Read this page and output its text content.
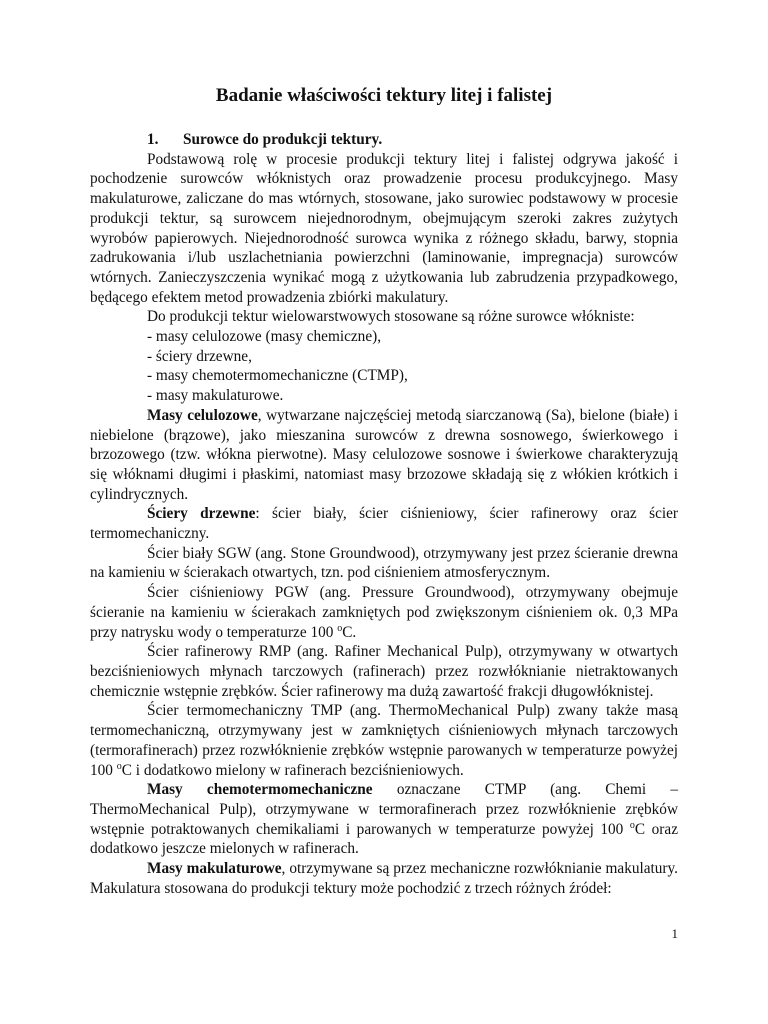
Badanie właściwości tektury litej i falistej

1. Surowce do produkcji tektury.

Podstawową rolę w procesie produkcji tektury litej i falistej odgrywa jakość i pochodzenie surowców włóknistych oraz prowadzenie procesu produkcyjnego. Masy makulaturowe, zaliczane do mas wtórnych, stosowane, jako surowiec podstawowy w procesie produkcji tektur, są surowcem niejednorodnym, obejmującym szeroki zakres zużytych wyrobów papierowych. Niejednorodność surowca wynika z różnego składu, barwy, stopnia zadrukowania i/lub uszlachetniania powierzchni (laminowanie, impregnacja) surowców wtórnych. Zanieczyszczenia wynikać mogą z użytkowania lub zabrudzenia przypadkowego, będącego efektem metod prowadzenia zbiórki makulatury.

Do produkcji tektur wielowarstwowych stosowane są różne surowce włókniste:

- masy celulozowe (masy chemiczne),

- ściery drzewne,

- masy chemotermomechaniczne (CTMP),

- masy makulaturowe.

Masy celulozowe, wytwarzane najczęściej metodą siarczanową (Sa), bielone (białe) i niebielone (brązowe), jako mieszanina surowców z drewna sosnowego, świerkowego i brzozowego (tzw. włókna pierwotne). Masy celulozowe sosnowe i świerkowe charakteryzują się włóknami długimi i płaskimi, natomiast masy brzozowe składają się z włókien krótkich i cylindrycznych.

Ściery drzewne: ścier biały, ścier ciśnieniowy, ścier rafinerowy oraz ścier termomechaniczny.

Ścier biały SGW (ang. Stone Groundwood), otrzymywany jest przez ścieranie drewna na kamieniu w ścierakach otwartych, tzn. pod ciśnieniem atmosferycznym.

Ścier ciśnieniowy PGW (ang. Pressure Groundwood), otrzymywany obejmuje ścieranie na kamieniu w ścierakach zamkniętych pod zwiększonym ciśnieniem ok. 0,3 MPa przy natrysku wody o temperaturze 100 $^o$C.

Ścier rafinerowy RMP (ang. Rafiner Mechanical Pulp), otrzymywany w otwartych bezciśnieniowych młynach tarczowych (rafinerach) przez rozwłóknianie nietraktowanych chemicznie wstępnie zrębków. Ścier rafinerowy ma dużą zawartość frakcji długowłóknistej.

Ścier termomechaniczny TMP (ang. ThermoMechanical Pulp) zwany także masą termomechaniczną, otrzymywany jest w zamkniętych ciśnieniowych młynach tarczowych (termorafinerach) przez rozwłóknienie zrębków wstępnie parowanych w temperaturze powyżej 100 $^o$C i dodatkowo mielony w rafinerach bezciśnieniowych.

Masy chemotermomechaniczne oznaczane CTMP (ang. Chemi – ThermoMechanical Pulp), otrzymywane w termorafinerach przez rozwłóknienie zrębków wstępnie potraktowanych chemikaliami i parowanych w temperaturze powyżej 100 $^o$C oraz dodatkowo jeszcze mielonych w rafinerach.

Masy makulaturowe, otrzymywane są przez mechaniczne rozwłóknianie makulatury. Makulatura stosowana do produkcji tektury może pochodzić z trzech różnych źródeł:

1
